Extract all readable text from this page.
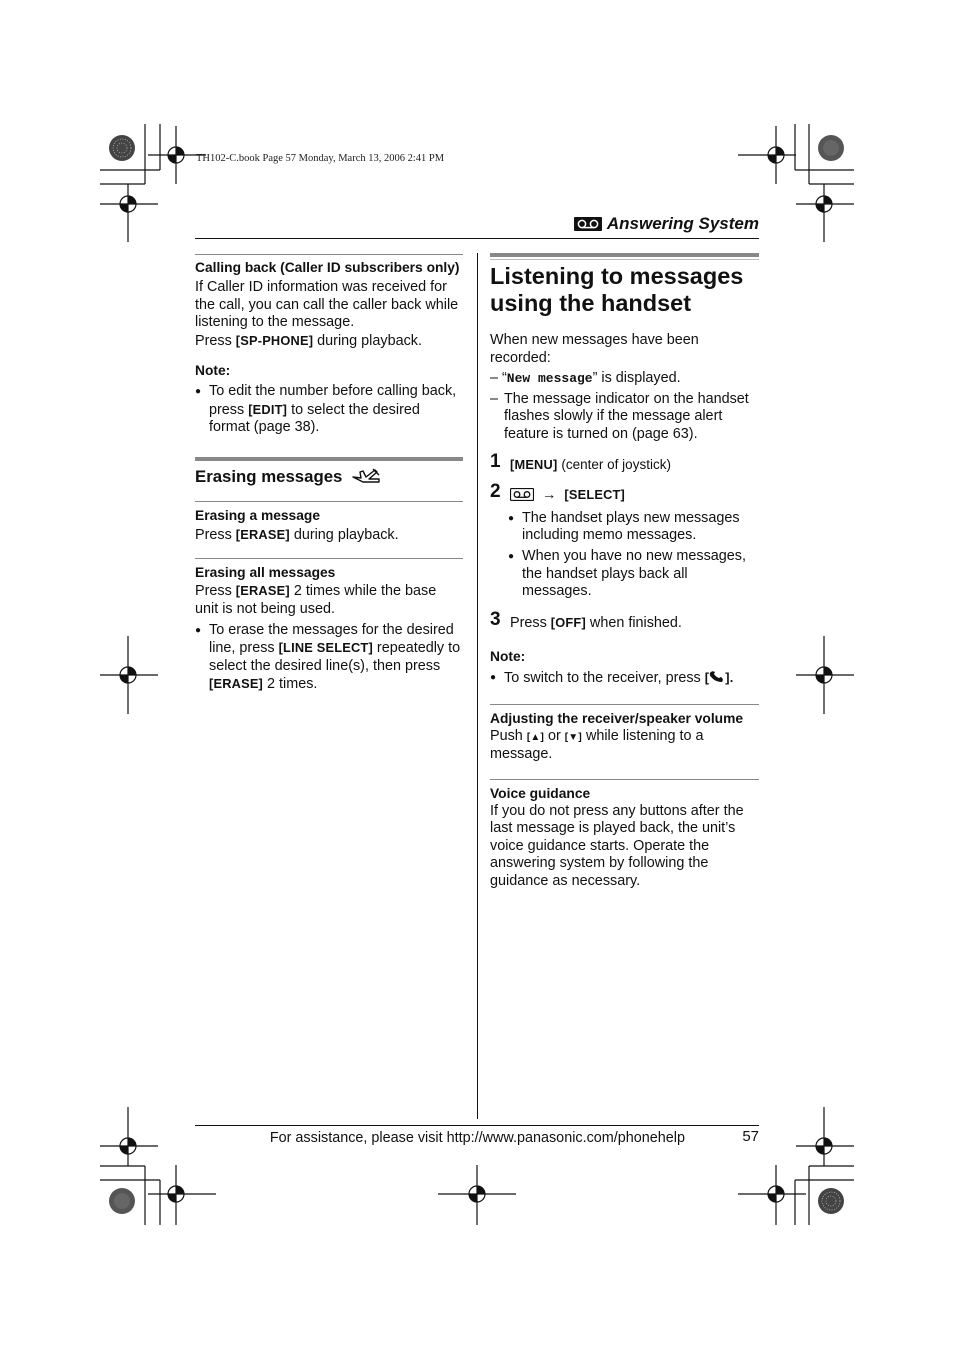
TH102-C.book Page 57 Monday, March 13, 2006 2:41 PM
Answering System
Calling back (Caller ID subscribers only)

If Caller ID information was received for the call, you can call the caller back while listening to the message.

Press [SP-PHONE] during playback.

Note:

● To edit the number before calling back, press [EDIT] to select the desired format (page 38).

Erasing messages
Erasing a message

Press [ERASE] during playback.

Erasing all messages

Press [ERASE] 2 times while the base unit is not being used.

● To erase the messages for the desired line, press [LINE SELECT] repeatedly to select the desired line(s), then press [ERASE] 2 times.

Listening to messages
using the handset

When new messages have been recorded:

– “New message” is displayed.

– The message indicator on the handset flashes slowly if the message alert feature is turned on (page 63).

1 [MENU] (center of joystick)

2	→ [SELECT]

● The handset plays new messages including memo messages.

● When you have no new messages, the handset plays back all messages.

3 Press [OFF] when finished.

Note:

● To switch to the receiver, press [ ].

Adjusting the receiver/speaker volume

Push [▲] or [▼] while listening to a message.

Voice guidance

If you do not press any buttons after the last message is played back, the unit’s voice guidance starts. Operate the answering system by following the guidance as necessary.

For assistance, please visit http://www.panasonic.com/phonehelp	57
